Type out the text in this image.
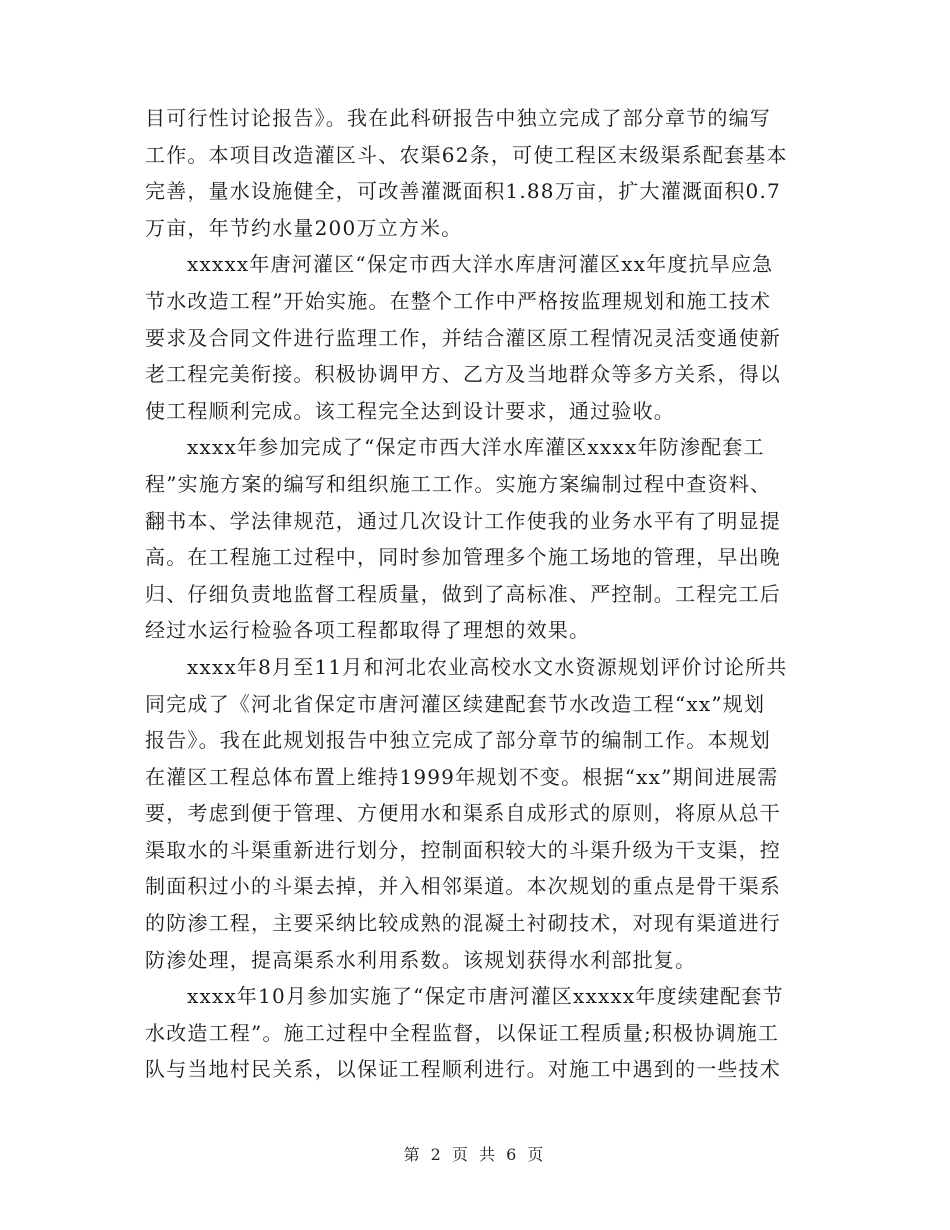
目可行性讨论报告》。我在此科研报告中独立完成了部分章节的编写
工作。本项目改造灌区斗、农渠62条，可使工程区末级渠系配套基本
完善，量水设施健全，可改善灌溉面积1.88万亩，扩大灌溉面积0.7
万亩，年节约水量200万立方米。
xxxxx年唐河灌区“保定市西大洋水库唐河灌区xx年度抗旱应急
节水改造工程”开始实施。在整个工作中严格按监理规划和施工技术
要求及合同文件进行监理工作，并结合灌区原工程情况灵活变通使新
老工程完美衔接。积极协调甲方、乙方及当地群众等多方关系，得以
使工程顺利完成。该工程完全达到设计要求，通过验收。
xxxx年参加完成了“保定市西大洋水库灌区xxxx年防渗配套工
程”实施方案的编写和组织施工工作。实施方案编制过程中查资料、
翻书本、学法律规范，通过几次设计工作使我的业务水平有了明显提
高。在工程施工过程中，同时参加管理多个施工场地的管理，早出晚
归、仔细负责地监督工程质量，做到了高标准、严控制。工程完工后
经过水运行检验各项工程都取得了理想的效果。
xxxx年8月至11月和河北农业高校水文水资源规划评价讨论所共
同完成了《河北省保定市唐河灌区续建配套节水改造工程“xx”规划
报告》。我在此规划报告中独立完成了部分章节的编制工作。本规划
在灌区工程总体布置上维持1999年规划不变。根据“xx”期间进展需
要，考虑到便于管理、方便用水和渠系自成形式的原则，将原从总干
渠取水的斗渠重新进行划分，控制面积较大的斗渠升级为干支渠，控
制面积过小的斗渠去掉，并入相邻渠道。本次规划的重点是骨干渠系
的防渗工程，主要采纳比较成熟的混凝土衬砌技术，对现有渠道进行
防渗处理，提高渠系水利用系数。该规划获得水利部批复。
xxxx年10月参加实施了“保定市唐河灌区xxxxx年度续建配套节
水改造工程”。施工过程中全程监督，以保证工程质量;积极协调施工
队与当地村民关系，以保证工程顺利进行。对施工中遇到的一些技术
第 2 页 共 6 页
